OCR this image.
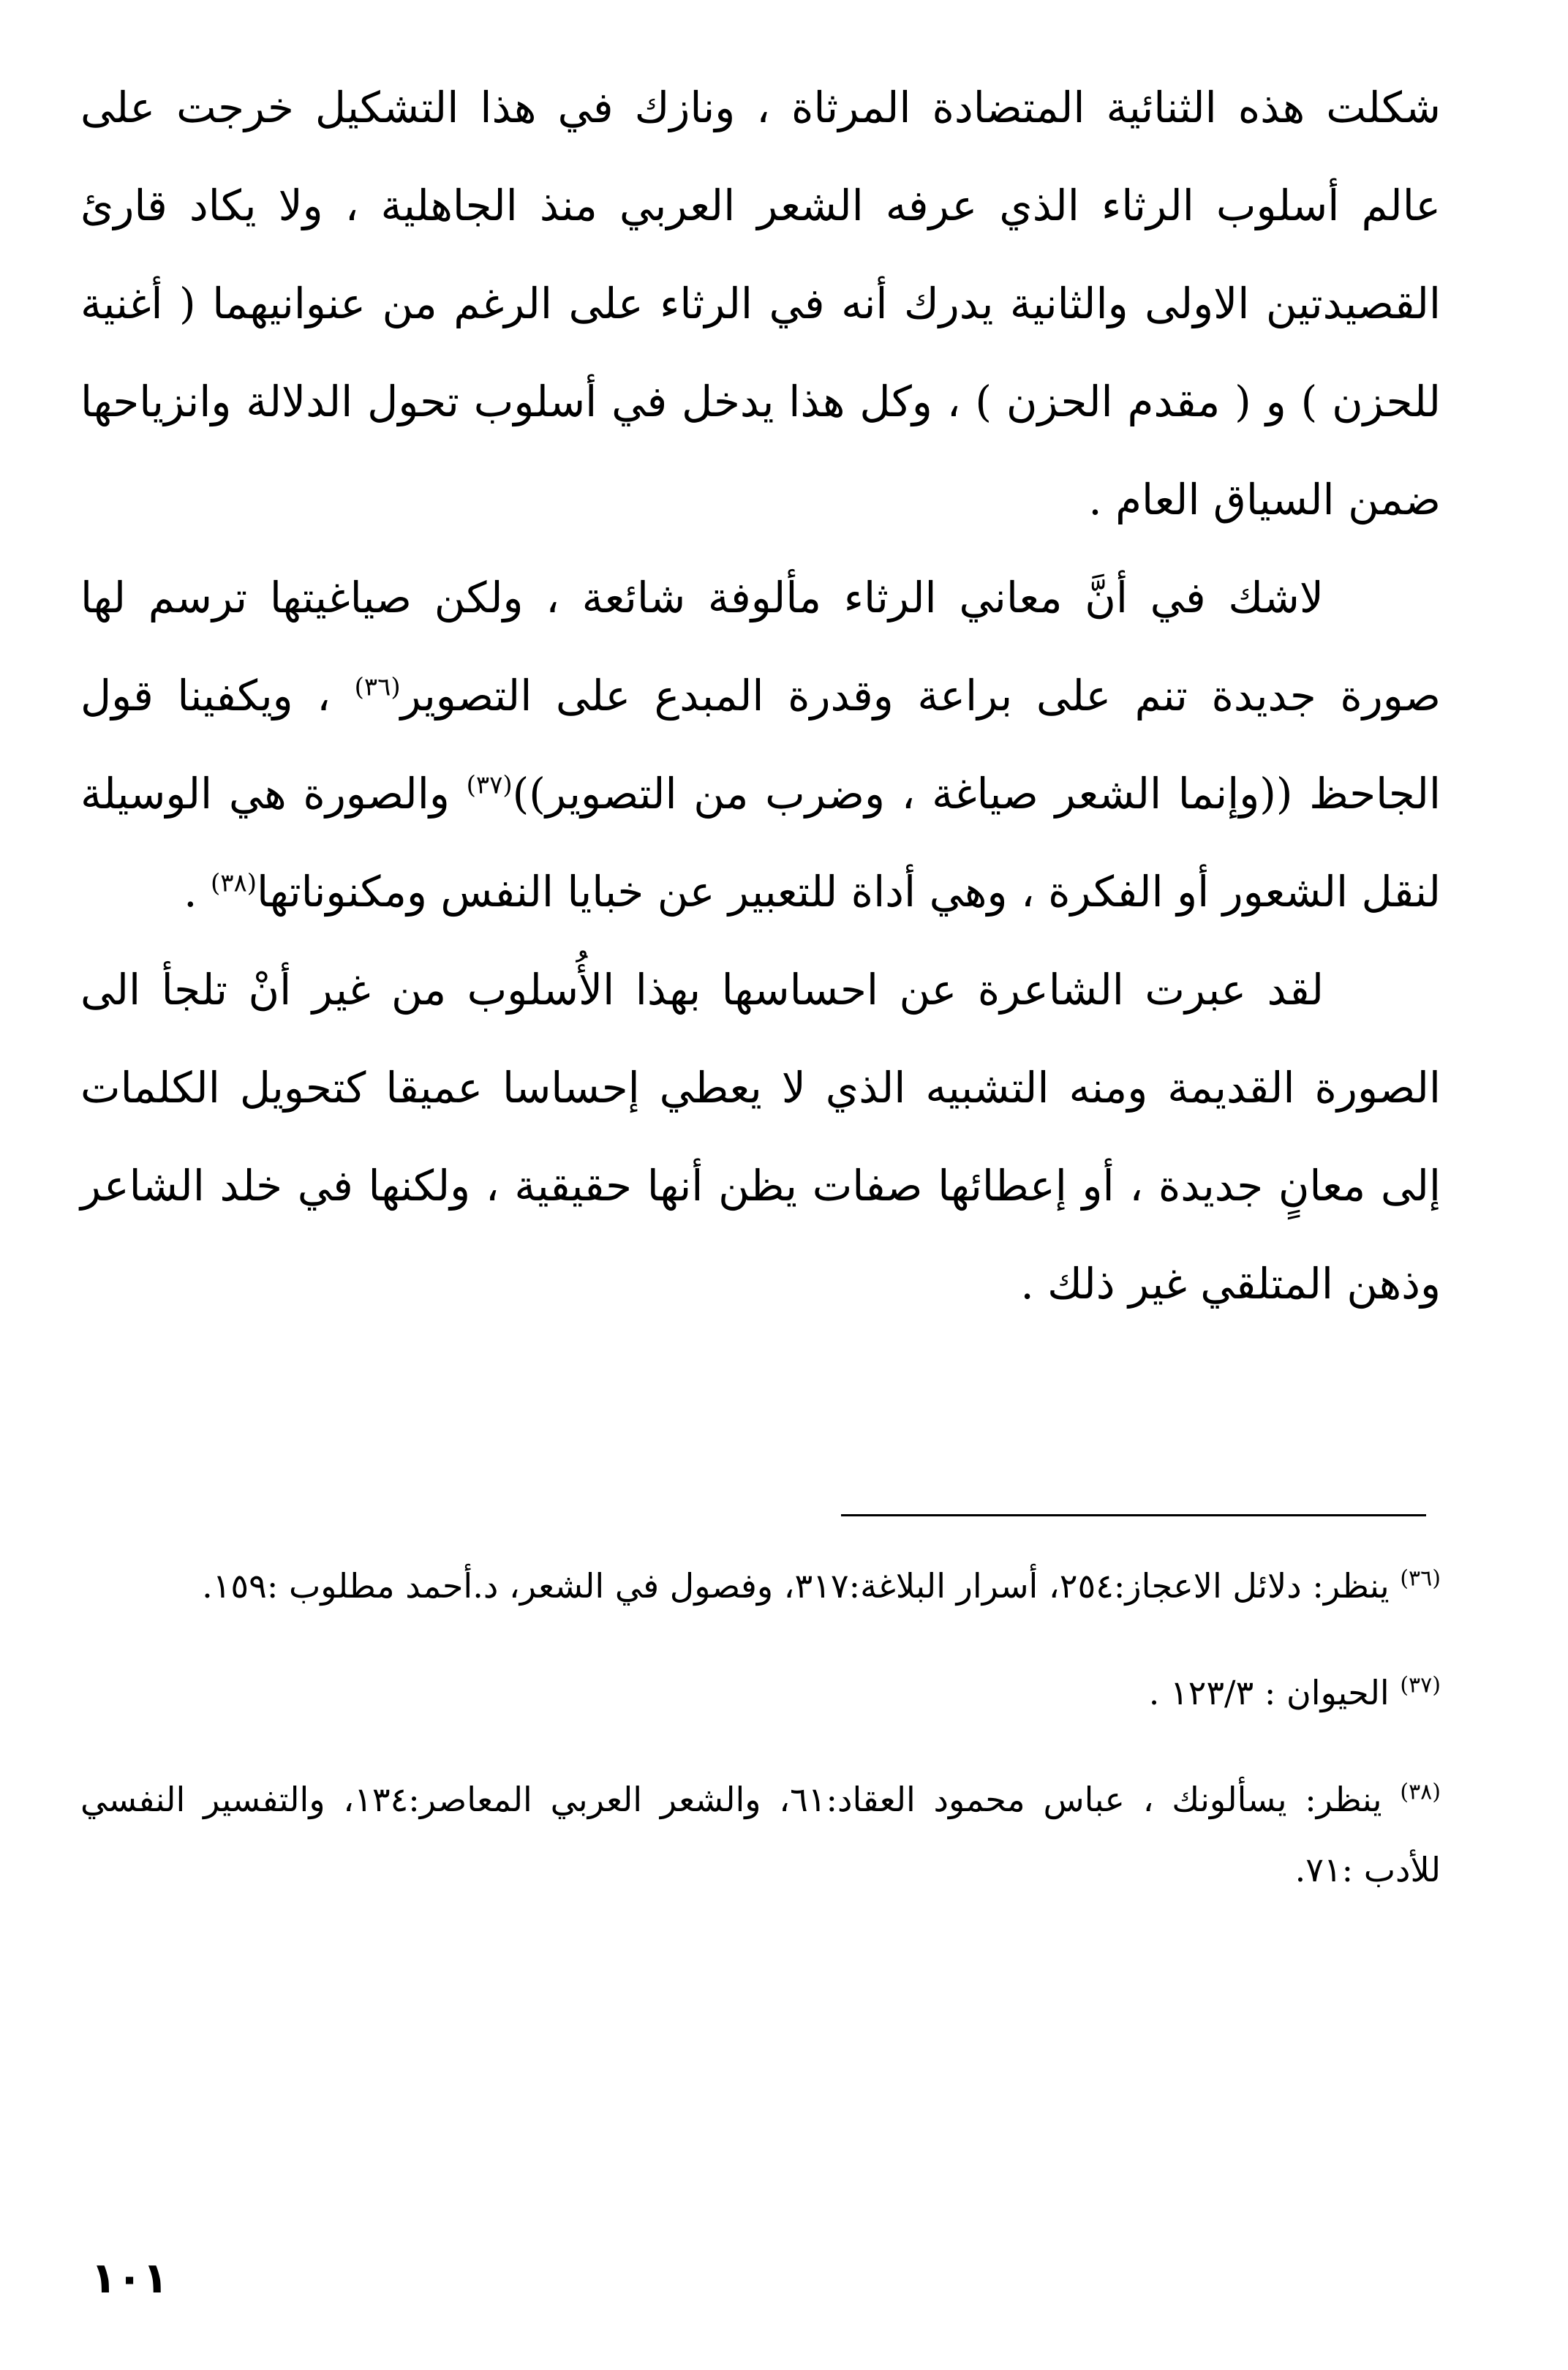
شكلت هذه الثنائية المتضادة المرثاة ، ونازك في هذا التشكيل خرجت على عالم أسلوب الرثاء الذي عرفه الشعر العربي منذ الجاهلية ، ولا يكاد قارئ القصيدتين الاولى والثانية يدرك أنه في الرثاء على الرغم من عنوانيهما ( أغنية للحزن ) و ( مقدم الحزن ) ، وكل هذا يدخل في أسلوب تحول الدلالة وانزياحها ضمن السياق العام .

لاشك في أنَّ معاني الرثاء مألوفة شائعة ، ولكن صياغيتها ترسم لها صورة جديدة تنم على براعة وقدرة المبدع على التصوير$^{(٣٦)}$ ، ويكفينا قول الجاحظ ((وإنما الشعر صياغة ، وضرب من التصوير))$^{(٣٧)}$ والصورة هي الوسيلة لنقل الشعور أو الفكرة ، وهي أداة للتعبير عن خبايا النفس ومكنوناتها$^{(٣٨)}$ .

لقد عبرت الشاعرة عن احساسها بهذا الأُسلوب من غير أنْ تلجأ الى الصورة القديمة ومنه التشبيه الذي لا يعطي إحساسا عميقا كتحويل الكلمات إلى معانٍ جديدة ، أو إعطائها صفات يظن أنها حقيقية ، ولكنها في خلد الشاعر وذهن المتلقي غير ذلك .

$^{(٣٦)}$ ينظر: دلائل الاعجاز:٢٥٤، أسرار البلاغة:٣١٧، وفصول في الشعر، د.أحمد مطلوب :١٥٩.

$^{(٣٧)}$ الحيوان : ١٢٣/٣ .

$^{(٣٨)}$ ينظر: يسألونك ، عباس محمود العقاد:٦١، والشعر العربي المعاصر:١٣٤، والتفسير النفسي للأدب :٧١.

١٠١
